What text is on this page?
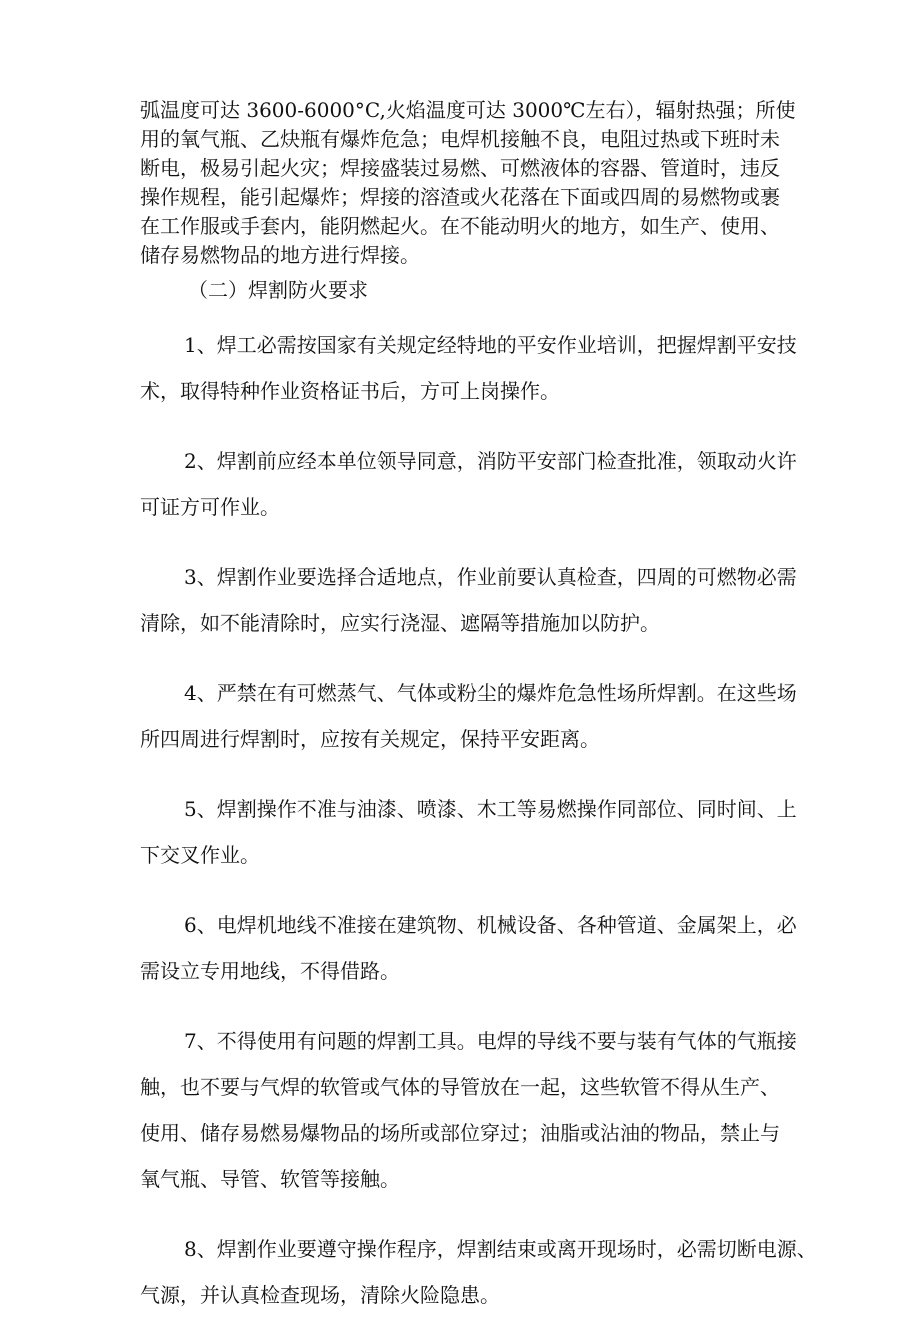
弧温度可达 3600-6000°C,火焰温度可达 3000℃左右），辐射热强；所使
用的氧气瓶、乙炔瓶有爆炸危急；电焊机接触不良，电阻过热或下班时未
断电，极易引起火灾；焊接盛装过易燃、可燃液体的容器、管道时，违反
操作规程，能引起爆炸；焊接的溶渣或火花落在下面或四周的易燃物或裹
在工作服或手套内，能阴燃起火。在不能动明火的地方，如生产、使用、
储存易燃物品的地方进行焊接。

（二）焊割防火要求

1、焊工必需按国家有关规定经特地的平安作业培训，把握焊割平安技
术，取得特种作业资格证书后，方可上岗操作。

2、焊割前应经本单位领导同意，消防平安部门检查批准，领取动火许
可证方可作业。

3、焊割作业要选择合适地点，作业前要认真检查，四周的可燃物必需
清除，如不能清除时，应实行浇湿、遮隔等措施加以防护。

4、严禁在有可燃蒸气、气体或粉尘的爆炸危急性场所焊割。在这些场
所四周进行焊割时，应按有关规定，保持平安距离。

5、焊割操作不准与油漆、喷漆、木工等易燃操作同部位、同时间、上
下交叉作业。

6、电焊机地线不准接在建筑物、机械设备、各种管道、金属架上，必
需设立专用地线，不得借路。

7、不得使用有问题的焊割工具。电焊的导线不要与装有气体的气瓶接
触，也不要与气焊的软管或气体的导管放在一起，这些软管不得从生产、
使用、储存易燃易爆物品的场所或部位穿过；油脂或沾油的物品，禁止与
氧气瓶、导管、软管等接触。

8、焊割作业要遵守操作程序，焊割结束或离开现场时，必需切断电源、
气源，并认真检查现场，清除火险隐患。
